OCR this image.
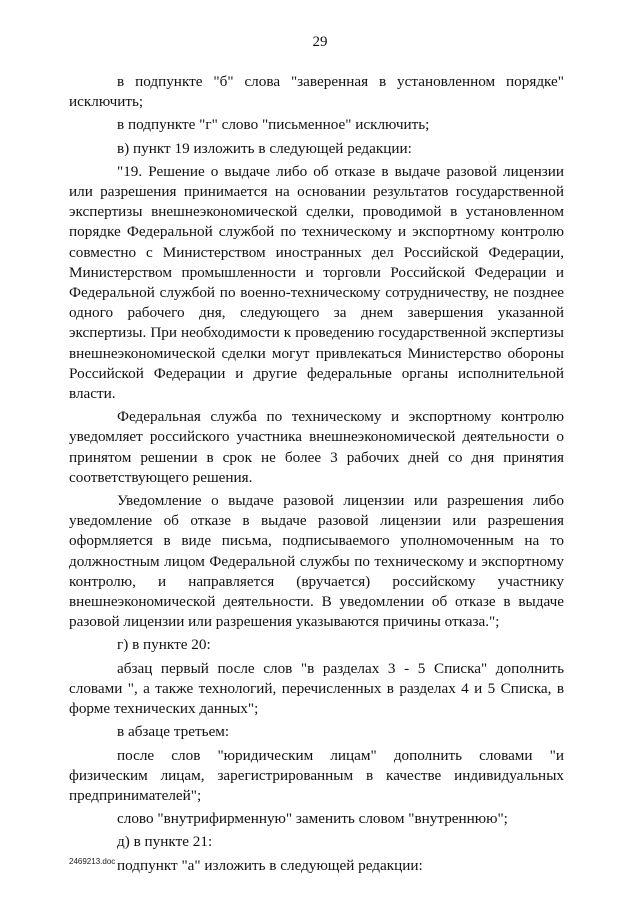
29

в подпункте "б" слова "заверенная в установленном порядке" исключить;

в подпункте "г" слово "письменное" исключить;

в) пункт 19 изложить в следующей редакции:

"19. Решение о выдаче либо об отказе в выдаче разовой лицензии или разрешения принимается на основании результатов государственной экспертизы внешнеэкономической сделки, проводимой в установленном порядке Федеральной службой по техническому и экспортному контролю совместно с Министерством иностранных дел Российской Федерации, Министерством промышленности и торговли Российской Федерации и Федеральной службой по военно-техническому сотрудничеству, не позднее одного рабочего дня, следующего за днем завершения указанной экспертизы. При необходимости к проведению государственной экспертизы внешнеэкономической сделки могут привлекаться Министерство обороны Российской Федерации и другие федеральные органы исполнительной власти.

Федеральная служба по техническому и экспортному контролю уведомляет российского участника внешнеэкономической деятельности о принятом решении в срок не более 3 рабочих дней со дня принятия соответствующего решения.

Уведомление о выдаче разовой лицензии или разрешения либо уведомление об отказе в выдаче разовой лицензии или разрешения оформляется в виде письма, подписываемого уполномоченным на то должностным лицом Федеральной службы по техническому и экспортному контролю, и направляется (вручается) российскому участнику внешнеэкономической деятельности. В уведомлении об отказе в выдаче разовой лицензии или разрешения указываются причины отказа.";

г) в пункте 20:

абзац первый после слов "в разделах 3 - 5 Списка" дополнить словами ", а также технологий, перечисленных в разделах 4 и 5 Списка, в форме технических данных";

в абзаце третьем:

после слов "юридическим лицам" дополнить словами "и физическим лицам, зарегистрированным в качестве индивидуальных предпринимателей";

слово "внутрифирменную" заменить словом "внутреннюю";

д) в пункте 21:

подпункт "а" изложить в следующей редакции:

2469213.doc
